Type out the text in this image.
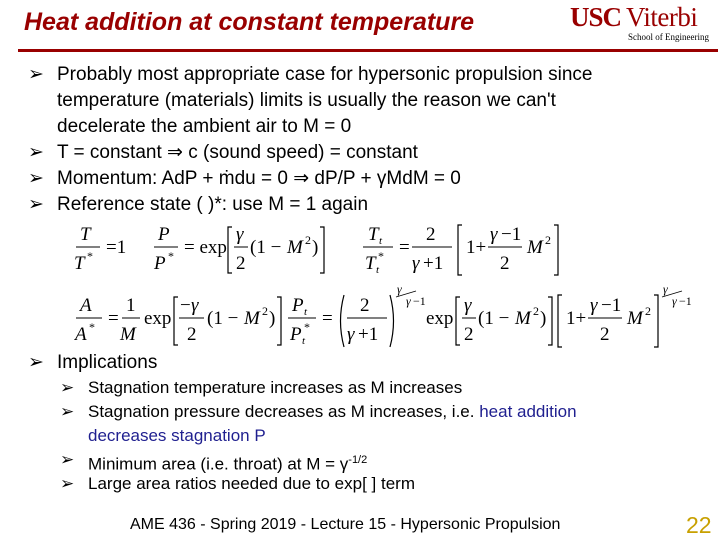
Heat addition at constant temperature	USC Viterbi
School of Engineering
➢ Probably most appropriate case for hypersonic propulsion since
temperature (materials) limits is usually the reason we can't
decelerate the ambient air to M = 0
➢ T = constant ⇒ c (sound speed) = constant
➢ Momentum: AdP + ṁdu = 0 ⇒ dP/P + γMdM = 0
➢ Reference state ( )*: use M = 1 again
T
T * =1
P
P * = exp
γ
2
(1 − M 2 )
T t
T t
* =
2
γ +1
1+
γ −1
2
M 2
A
A * =
1
M
exp
− γ
2
(1 − M 2 )
P t
P t
* =
2
γ +1
γ
γ −1
exp
γ
2
(1 − M 2 ) 1+
γ −1
2
M 2
γ
γ −1
➢ Implications
➢ Stagnation temperature increases as M increases
➢ Stagnation pressure decreases as M increases, i.e. heat addition
decreases stagnation P
➢ Minimum area (i.e. throat) at $M = \gamma^{-1/2}$
➢ Large area ratios needed due to exp[ ] term
AME 436 - Spring 2019 - Lecture 15 - Hypersonic Propulsion	22
